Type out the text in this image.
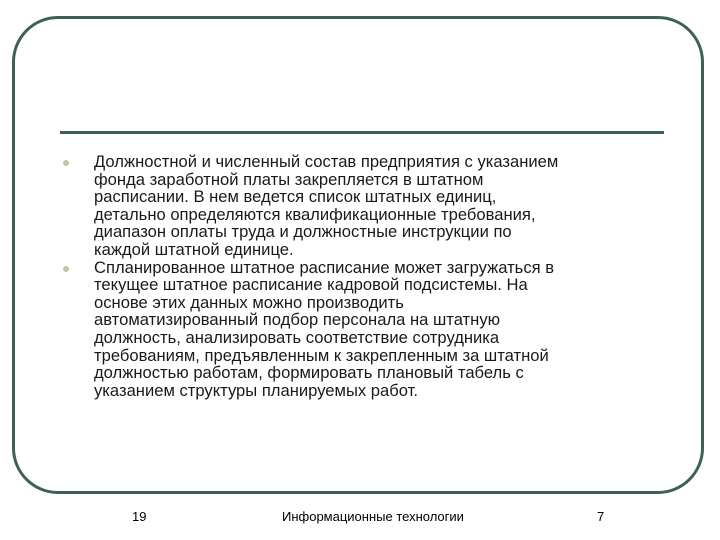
Должностной и численный состав предприятия с указанием
фонда заработной платы закрепляется в штатном
расписании. В нем ведется список штатных единиц,
детально определяются квалификационные требования,
диапазон оплаты труда и должностные инструкции по
каждой штатной единице.
Спланированное штатное расписание может загружаться в
текущее штатное расписание кадровой подсистемы. На
основе этих данных можно производить
автоматизированный подбор персонала на штатную
должность, анализировать соответствие сотрудника
требованиям, предъявленным к закрепленным за штатной
должностью работам, формировать плановый табель с
указанием структуры планируемых работ.
19	Информационные технологии	7
